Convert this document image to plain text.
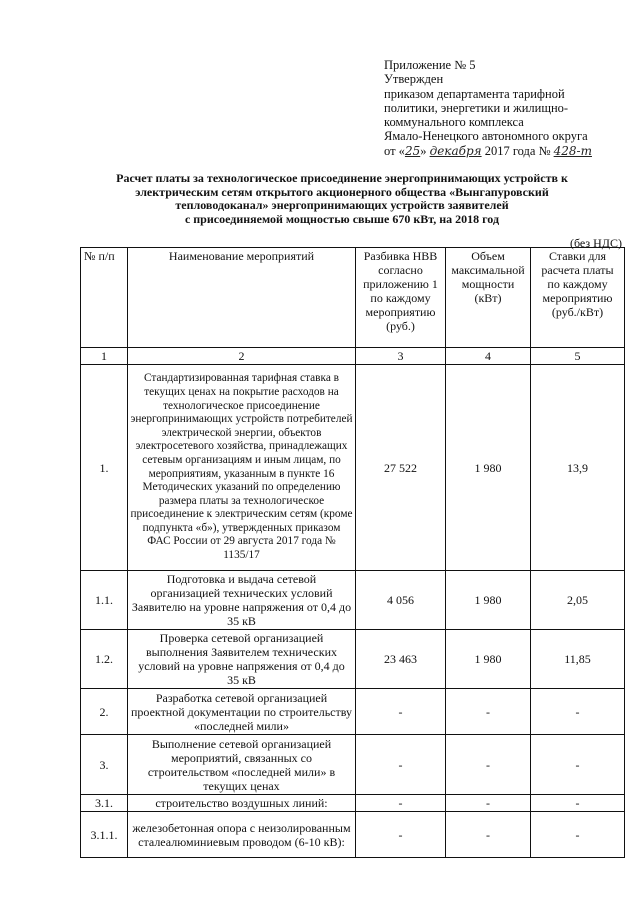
Приложение № 5
Утвержден
приказом департамента тарифной
политики, энергетики и жилищно-
коммунального комплекса
Ямало-Ненецкого автономного округа
от «25» декабря 2017 года № 428-т
Расчет платы за технологическое присоединение энергопринимающих устройств к
электрическим сетям открытого акционерного общества «Вынгапуровский
тепловодоканал» энергопринимающих устройств заявителей
с присоединяемой мощностью свыше 670 кВт, на 2018 год
(без НДС)
№ п/п	Наименование мероприятий	Разбивка НВВ согласно приложению 1 по каждому мероприятию (руб.)	Объем максимальной мощности (кВт)	Ставки для расчета платы по каждому мероприятию (руб./кВт)
1	2	3	4	5
1.	Стандартизированная тарифная ставка в текущих ценах на покрытие расходов на технологическое присоединение энергопринимающих устройств потребителей электрической энергии, объектов электросетевого хозяйства, принадлежащих сетевым организациям и иным лицам, по мероприятиям, указанным в пункте 16 Методических указаний по определению размера платы за технологическое присоединение к электрическим сетям (кроме подпункта «б»), утвержденных приказом ФАС России от 29 августа 2017 года № 1135/17	27 522	1 980	13,9
1.1.	Подготовка и выдача сетевой организацией технических условий Заявителю на уровне напряжения от 0,4 до 35 кВ	4 056	1 980	2,05
1.2.	Проверка сетевой организацией выполнения Заявителем технических условий на уровне напряжения от 0,4 до 35 кВ	23 463	1 980	11,85
2.	Разработка сетевой организацией проектной документации по строительству «последней мили»	-	-	-
3.	Выполнение сетевой организацией мероприятий, связанных со строительством «последней мили» в текущих ценах	-	-	-
3.1.	строительство воздушных линий:	-	-	-
3.1.1.	железобетонная опора с неизолированным сталеалюминиевым проводом (6-10 кВ):	-	-	-
